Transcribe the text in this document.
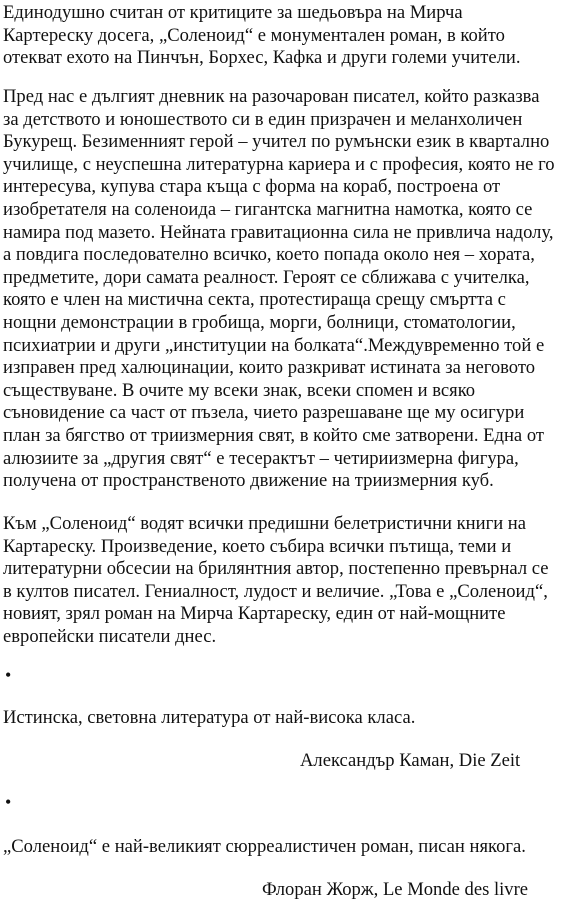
Единодушно считан от критиците за шедьовъра на Мирча
Картереску досега, „Соленоид“ е монументален роман, в който
отекват ехото на Пинчън, Борхес, Кафка и други големи учители.

Пред нас е дългият дневник на разочарован писател, който разказва
за детството и юношеството си в един призрачен и меланхоличен
Букурещ. Безименният герой – учител по румънски език в квартално
училище, с неуспешна литературна кариера и с професия, която не го
интересува, купува стара къща с форма на кораб, построена от
изобретателя на соленоида – гигантска магнитна намотка, която се
намира под мазето. Нейната гравитационна сила не привлича надолу,
а повдига последователно всичко, което попада около нея – хората,
предметите, дори самата реалност. Героят се сближава с учителка,
която е член на мистична секта, протестираща срещу смъртта с
нощни демонстрации в гробища, морги, болници, стоматологии,
психиатрии и други „институции на болката“.Междувременно той е
изправен пред халюцинации, които разкриват истината за неговото
съществуване. В очите му всеки знак, всеки спомен и всяко
съновидение са част от пъзела, чието разрешаване ще му осигури
план за бягство от триизмерния свят, в който сме затворени. Една от
алюзиите за „другия свят“ е тесерактът – четириизмерна фигура,
получена от пространственото движение на триизмерния куб.

Към „Соленоид“ водят всички предишни белетристични книги на
Картареску. Произведение, което събира всички пътища, теми и
литературни обсесии на брилянтния автор, постепенно превърнал се
в култов писател. Гениалност, лудост и величие. „Това е „Соленоид“,
новият, зрял роман на Мирча Картареску, един от най-мощните
европейски писатели днес.

•
Истинска, световна литература от най-висока класа.
Александър Каман, Die Zeit
•
„Соленоид“ е най-великият сюрреалистичен роман, писан някога.
Флоран Жорж, Le Monde des livre
